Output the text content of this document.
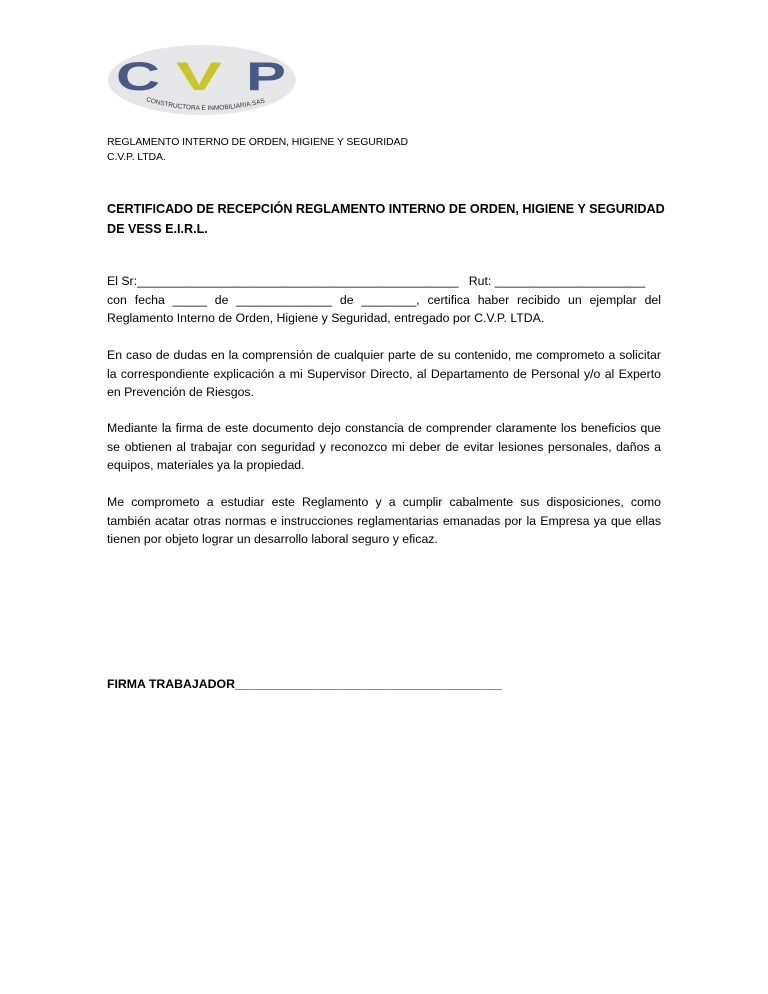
C V P
CONSTRUCTORA E INMOBILIARIA SAS
REGLAMENTO INTERNO DE ORDEN, HIGIENE Y SEGURIDAD
C.V.P. LTDA.
CERTIFICADO DE RECEPCIÓN REGLAMENTO INTERNO DE ORDEN, HIGIENE Y SEGURIDAD DE VESS E.I.R.L.
El Sr:_______________________________________________   Rut: ______________________
con fecha _____ de ______________ de ________, certifica haber recibido un ejemplar del Reglamento Interno de Orden, Higiene y Seguridad, entregado por C.V.P. LTDA.
En caso de dudas en la comprensión de cualquier parte de su contenido, me comprometo a solicitar la correspondiente explicación a mi Supervisor Directo, al Departamento de Personal y/o al Experto en Prevención de Riesgos.
Mediante la firma de este documento dejo constancia de comprender claramente los beneficios que se obtienen al trabajar con seguridad y reconozco mi deber de evitar lesiones personales, daños a equipos, materiales ya la propiedad.
Me comprometo a estudiar este Reglamento y a cumplir cabalmente sus disposiciones, como también acatar otras normas e instrucciones reglamentarias emanadas por la Empresa ya que ellas tienen por objeto lograr un desarrollo laboral seguro y eficaz.
FIRMA TRABAJADOR_______________________________________
